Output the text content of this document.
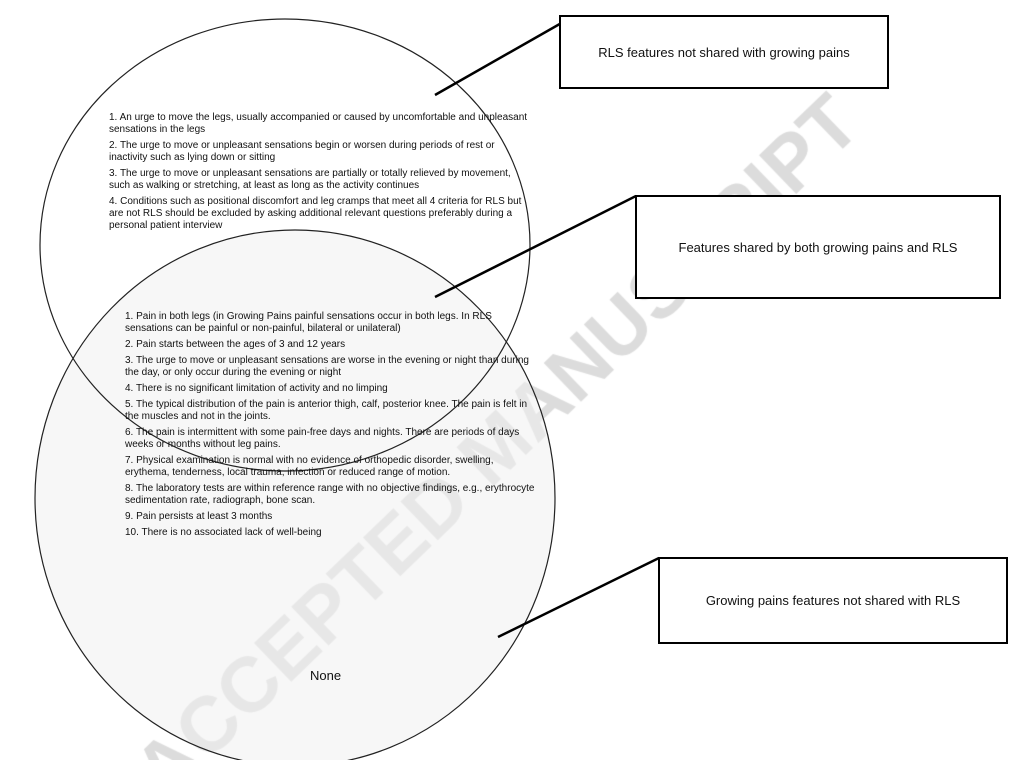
1. An urge to move the legs, usually accompanied or caused by uncomfortable and unpleasant sensations in the legs

2. The urge to move or unpleasant sensations begin or worsen during periods of rest or inactivity such as lying down or sitting

3. The urge to move or unpleasant sensations are partially or totally relieved by movement, such as walking or stretching, at least as long as the activity continues

4. Conditions such as positional discomfort and leg cramps that meet all 4 criteria for RLS but are not RLS should be excluded by asking additional relevant questions preferably during a personal patient interview

1. Pain in both legs (in Growing Pains painful sensations occur in both legs. In RLS sensations can be painful or non-painful, bilateral or unilateral)

2. Pain starts between the ages of 3 and 12 years

3. The urge to move or unpleasant sensations are worse in the evening or night than during the day, or only occur during the evening or night

4. There is no significant limitation of activity and no limping

5. The typical distribution of the pain is anterior thigh, calf, posterior knee. The pain is felt in the muscles and not in the joints.

6. The pain is intermittent with some pain-free days and nights. There are periods of days weeks or months without leg pains.

7. Physical examination is normal with no evidence of orthopedic disorder, swelling, erythema, tenderness, local trauma, infection or reduced range of motion.

8. The laboratory tests are within reference range with no objective findings, e.g., erythrocyte sedimentation rate, radiograph, bone scan.

9. Pain persists at least 3 months

10. There is no associated lack of well-being

None
RLS features not shared with growing pains
Features shared by both growing pains and RLS
Growing pains features not shared with RLS
